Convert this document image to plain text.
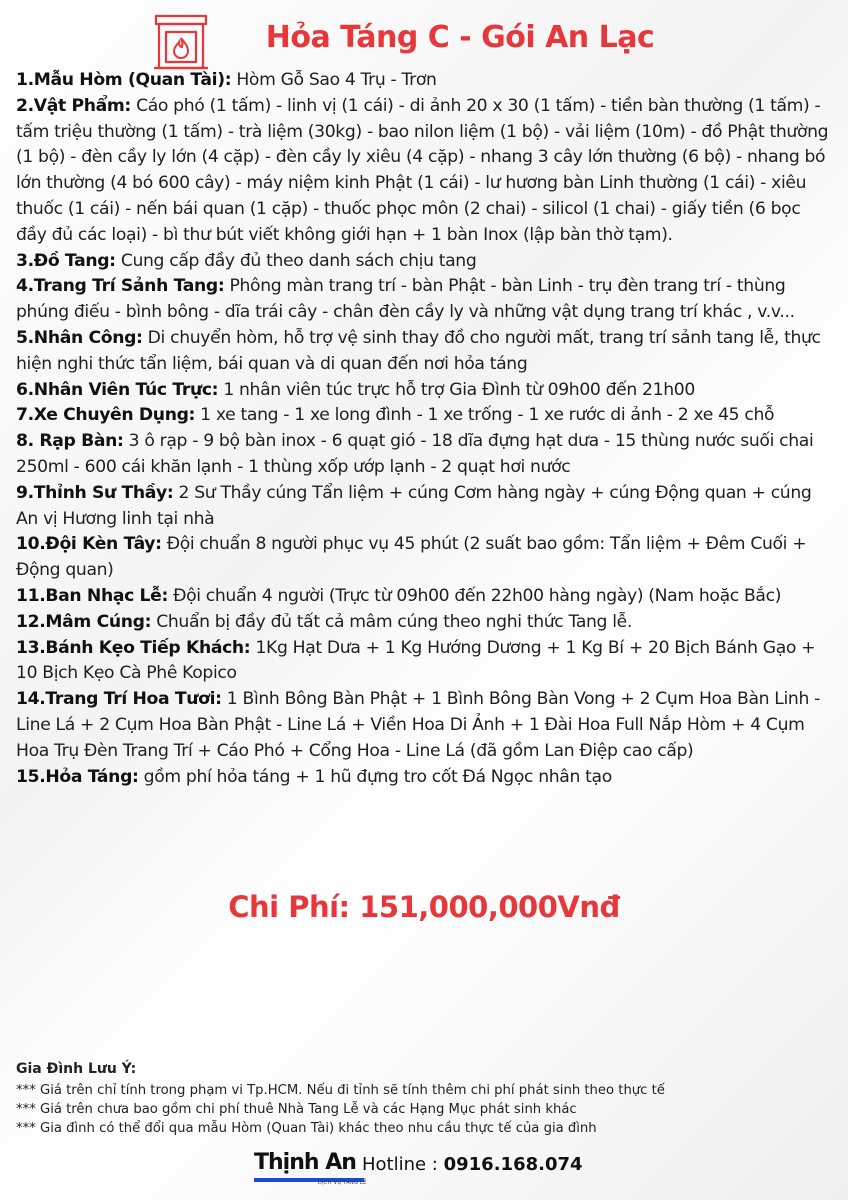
Hỏa Táng C - Gói An Lạc
1.Mẫu Hòm (Quan Tài): Hòm Gỗ Sao 4 Trụ - Trơn
2.Vật Phẩm: Cáo phó (1 tấm) - linh vị (1 cái) - di ảnh 20 x 30 (1 tấm) - tiền bàn thường (1 tấm) - tấm triệu thường (1 tấm) - trà liệm (30kg) - bao nilon liệm (1 bộ) - vải liệm (10m) - đồ Phật thường (1 bộ) - đèn cầy ly lớn (4 cặp) - đèn cầy ly xiêu (4 cặp) - nhang 3 cây lớn thường (6 bộ) - nhang bó lớn thường (4 bó 600 cây) - máy niệm kinh Phật (1 cái) - lư hương bàn Linh thường (1 cái) - xiêu thuốc (1 cái) - nến bái quan (1 cặp) - thuốc phọc môn (2 chai) - silicol (1 chai) - giấy tiền (6 bọc đầy đủ các loại) - bì thư bút viết không giới hạn + 1 bàn Inox (lập bàn thờ tạm).
3.Đồ Tang: Cung cấp đầy đủ theo danh sách chịu tang
4.Trang Trí Sảnh Tang: Phông màn trang trí - bàn Phật - bàn Linh - trụ đèn trang trí - thùng phúng điếu - bình bông - dĩa trái cây - chân đèn cầy ly và những vật dụng trang trí khác , v.v...
5.Nhân Công: Di chuyển hòm, hỗ trợ vệ sinh thay đồ cho người mất, trang trí sảnh tang lễ, thực hiện nghi thức tẩn liệm, bái quan và di quan đến nơi hỏa táng
6.Nhân Viên Túc Trực: 1 nhân viên túc trực hỗ trợ Gia Đình từ 09h00 đến 21h00
7.Xe Chuyên Dụng: 1 xe tang - 1 xe long đình - 1 xe trống - 1 xe rước di ảnh - 2 xe 45 chỗ
8. Rạp Bàn: 3 ô rạp - 9 bộ bàn inox - 6 quạt gió - 18 dĩa đựng hạt dưa - 15 thùng nước suối chai 250ml - 600 cái khăn lạnh - 1 thùng xốp ướp lạnh - 2 quạt hơi nước
9.Thỉnh Sư Thầy: 2 Sư Thầy cúng Tẩn liệm + cúng Cơm hàng ngày + cúng Động quan + cúng An vị Hương linh tại nhà
10.Đội Kèn Tây: Đội chuẩn 8 người phục vụ 45 phút (2 suất bao gồm: Tẩn liệm + Đêm Cuối + Động quan)
11.Ban Nhạc Lễ: Đội chuẩn 4 người (Trực từ 09h00 đến 22h00 hàng ngày) (Nam hoặc Bắc)
12.Mâm Cúng: Chuẩn bị đầy đủ tất cả mâm cúng theo nghi thức Tang lễ.
13.Bánh Kẹo Tiếp Khách: 1Kg Hạt Dưa + 1 Kg Hướng Dương + 1 Kg Bí + 20 Bịch Bánh Gạo + 10 Bịch Kẹo Cà Phê Kopico
14.Trang Trí Hoa Tươi: 1 Bình Bông Bàn Phật + 1 Bình Bông Bàn Vong + 2 Cụm Hoa Bàn Linh - Line Lá + 2 Cụm Hoa Bàn Phật - Line Lá + Viền Hoa Di Ảnh + 1 Đài Hoa Full Nắp Hòm + 4 Cụm Hoa Trụ Đèn Trang Trí + Cáo Phó + Cổng Hoa - Line Lá (đã gồm Lan Điệp cao cấp)
15.Hỏa Táng: gồm phí hỏa táng + 1 hũ đựng tro cốt Đá Ngọc nhân tạo
Chi Phí: 151,000,000Vnđ
Gia Đình Lưu Ý:
*** Giá trên chỉ tính trong phạm vi Tp.HCM. Nếu đi tỉnh sẽ tính thêm chi phí phát sinh theo thực tế
*** Giá trên chưa bao gồm chi phí thuê Nhà Tang Lễ và các Hạng Mục phát sinh khác
*** Gia đình có thể đổi qua mẫu Hòm (Quan Tài) khác theo nhu cầu thực tế của gia đình
Thịnh An
DỊCH VỤ TANG LỄ
Hotline : 0916.168.074
